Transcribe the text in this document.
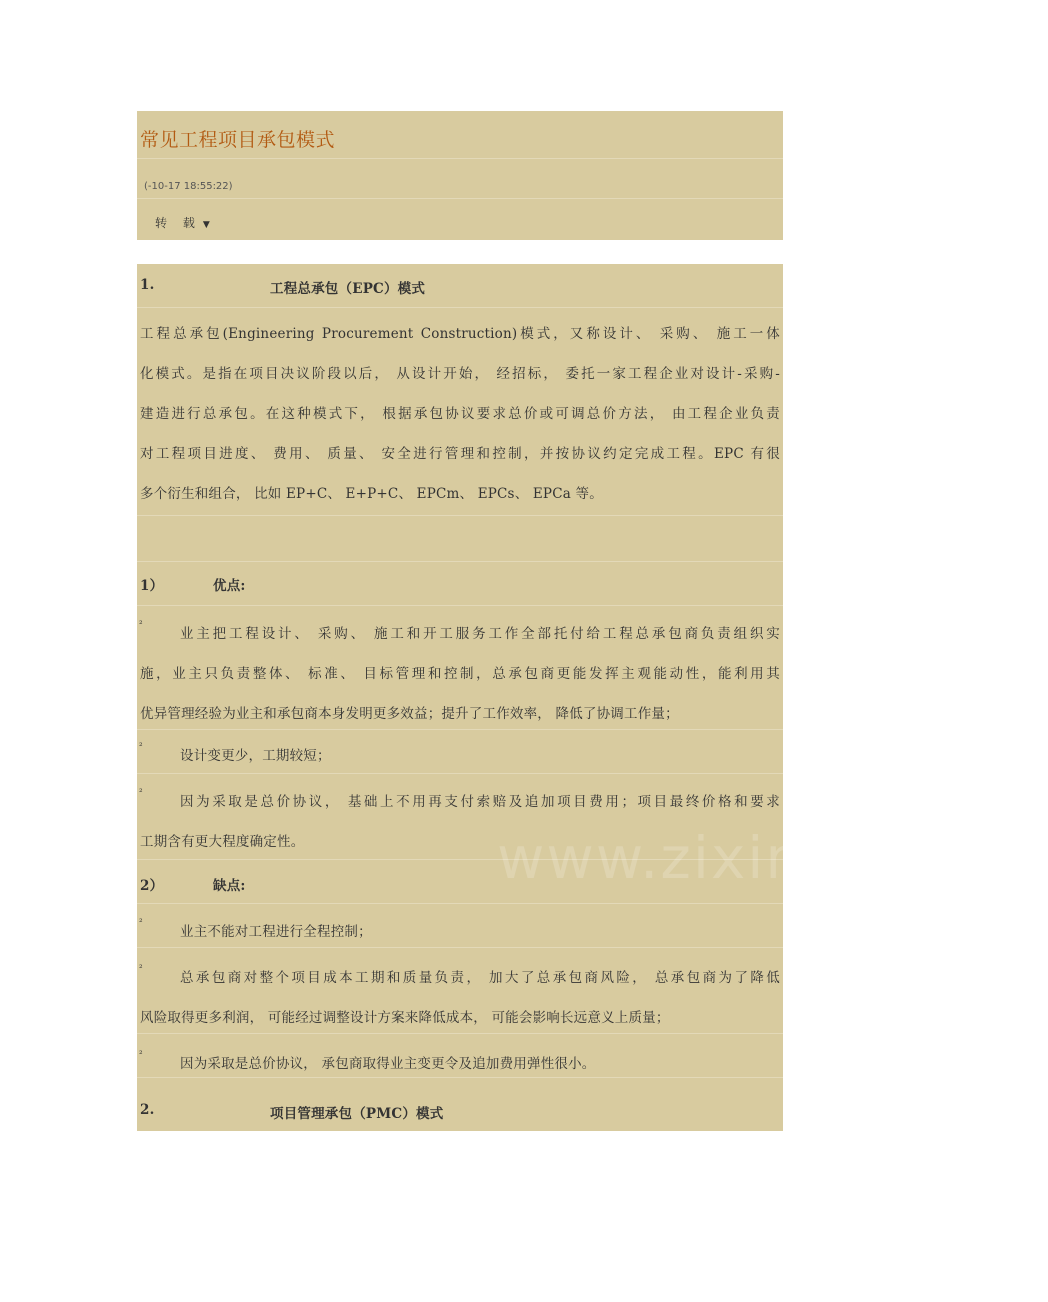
常见工程项目承包模式
(-10-17 18:55:22)
转 载 ▼
1.	工程总承包（EPC）模式
工程总承包(Engineering Procurement Construction)模式，又称设计、 采购、 施工一体
化模式。是指在项目决议阶段以后， 从设计开始， 经招标， 委托一家工程企业对设计-采购-
建造进行总承包。在这种模式下， 根据承包协议要求总价或可调总价方法， 由工程企业负责
对工程项目进度、 费用、 质量、 安全进行管理和控制，并按协议约定完成工程。EPC 有很
多个衍生和组合， 比如 EP+C、 E+P+C、 EPCm、 EPCs、 EPCa 等。
1）	优点:
²
业主把工程设计、 采购、 施工和开工服务工作全部托付给工程总承包商负责组织实
施，业主只负责整体、 标准、 目标管理和控制，总承包商更能发挥主观能动性，能利用其
优异管理经验为业主和承包商本身发明更多效益；提升了工作效率， 降低了协调工作量；
²
设计变更少，工期较短；
²
因为采取是总价协议， 基础上不用再支付索赔及追加项目费用；项目最终价格和要求
工期含有更大程度确定性。
2）	缺点:
²
业主不能对工程进行全程控制；
²
总承包商对整个项目成本工期和质量负责， 加大了总承包商风险， 总承包商为了降低
风险取得更多利润， 可能经过调整设计方案来降低成本， 可能会影响长远意义上质量；
²
因为采取是总价协议， 承包商取得业主变更令及追加费用弹性很小。
2.	项目管理承包（PMC）模式
www.zixin.com.cn
